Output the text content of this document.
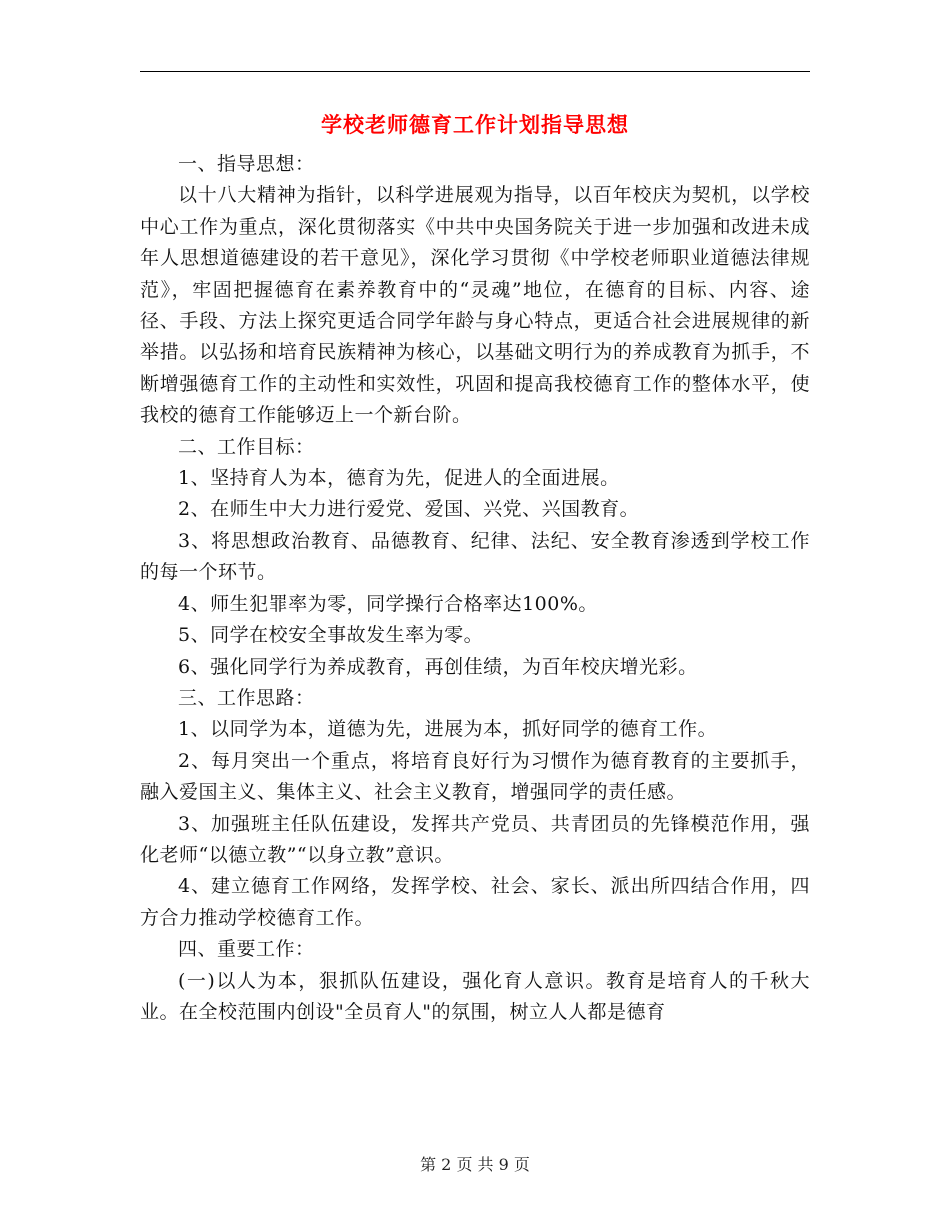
学校老师德育工作计划指导思想

一、指导思想：

以十八大精神为指针，以科学进展观为指导，以百年校庆为契机，以学校中心工作为重点，深化贯彻落实《中共中央国务院关于进一步加强和改进未成年人思想道德建设的若干意见》，深化学习贯彻《中学校老师职业道德法律规范》，牢固把握德育在素养教育中的“灵魂”地位，在德育的目标、内容、途径、手段、方法上探究更适合同学年龄与身心特点，更适合社会进展规律的新举措。以弘扬和培育民族精神为核心，以基础文明行为的养成教育为抓手，不断增强德育工作的主动性和实效性，巩固和提高我校德育工作的整体水平，使我校的德育工作能够迈上一个新台阶。

二、工作目标：

1、坚持育人为本，德育为先，促进人的全面进展。

2、在师生中大力进行爱党、爱国、兴党、兴国教育。

3、将思想政治教育、品德教育、纪律、法纪、安全教育渗透到学校工作的每一个环节。

4、师生犯罪率为零，同学操行合格率达100%。

5、同学在校安全事故发生率为零。

6、强化同学行为养成教育，再创佳绩，为百年校庆增光彩。

三、工作思路：

1、以同学为本，道德为先，进展为本，抓好同学的德育工作。

2、每月突出一个重点，将培育良好行为习惯作为德育教育的主要抓手，融入爱国主义、集体主义、社会主义教育，增强同学的责任感。

3、加强班主任队伍建设，发挥共产党员、共青团员的先锋模范作用，强化老师“以德立教”“以身立教”意识。

4、建立德育工作网络，发挥学校、社会、家长、派出所四结合作用，四方合力推动学校德育工作。

四、重要工作：

(一)以人为本，狠抓队伍建设，强化育人意识。教育是培育人的千秋大业。在全校范围内创设"全员育人"的氛围，树立人人都是德育

第 2 页 共 9 页
